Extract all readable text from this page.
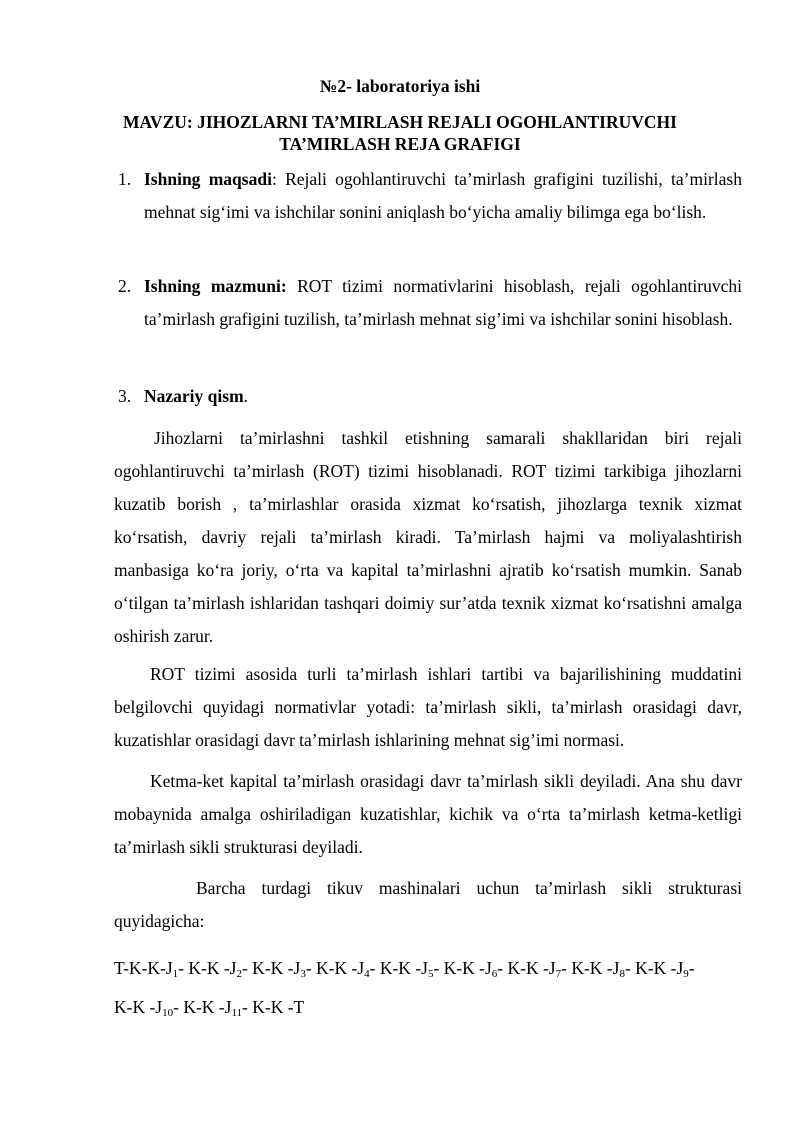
№2- laboratoriya ishi
MAVZU: JIHOZLARNI TA’MIRLASH REJALI OGOHLANTIRUVCHI TA’MIRLASH REJA GRAFIGI
1. Ishning maqsadi: Rejali ogohlantiruvchi ta’mirlash grafigini tuzilishi, ta’mirlash mehnat sig‘imi va ishchilar sonini aniqlash bo‘yicha amaliy bilimga ega bo‘lish.
2. Ishning mazmuni: ROT tizimi normativlarini hisoblash, rejali ogohlantiruvchi ta’mirlash grafigini tuzilish, ta’mirlash mehnat sig’imi va ishchilar sonini hisoblash.
3. Nazariy qism.
Jihozlarni ta’mirlashni tashkil etishning samarali shakllaridan biri rejali ogohlantiruvchi ta’mirlash (ROT) tizimi hisoblanadi. ROT tizimi tarkibiga jihozlarni kuzatib borish , ta’mirlashlar orasida xizmat ko‘rsatish, jihozlarga texnik xizmat ko‘rsatish, davriy rejali ta’mirlash kiradi. Ta’mirlash hajmi va moliyalashtirish manbasiga ko‘ra joriy, o‘rta va kapital ta’mirlashni ajratib ko‘rsatish mumkin. Sanab o‘tilgan ta’mirlash ishlaridan tashqari doimiy sur’atda texnik xizmat ko‘rsatishni amalga oshirish zarur.
ROT tizimi asosida turli ta’mirlash ishlari tartibi va bajarilishining muddatini belgilovchi quyidagi normativlar yotadi: ta’mirlash sikli, ta’mirlash orasidagi davr, kuzatishlar orasidagi davr ta’mirlash ishlarining mehnat sig’imi normasi.
Ketma-ket kapital ta’mirlash orasidagi davr ta’mirlash sikli deyiladi. Ana shu davr mobaynida amalga oshiriladigan kuzatishlar, kichik va o‘rta ta’mirlash ketma-ketligi ta’mirlash sikli strukturasi deyiladi.
Barcha turdagi tikuv mashinalari uchun ta’mirlash sikli strukturasi quyidagicha:
$T-K-K-J_1-$ K-K $-J_2-$ K-K $-J_3-$ K-K $-J_4-$ K-K $-J_5-$ K-K $-J_6-$ K-K $-J_7-$ K-K $-J_8-$ K-K $-J_9-$
K-K $-J_{10}-$ K-K $-J_{11}-$ K-K -T
